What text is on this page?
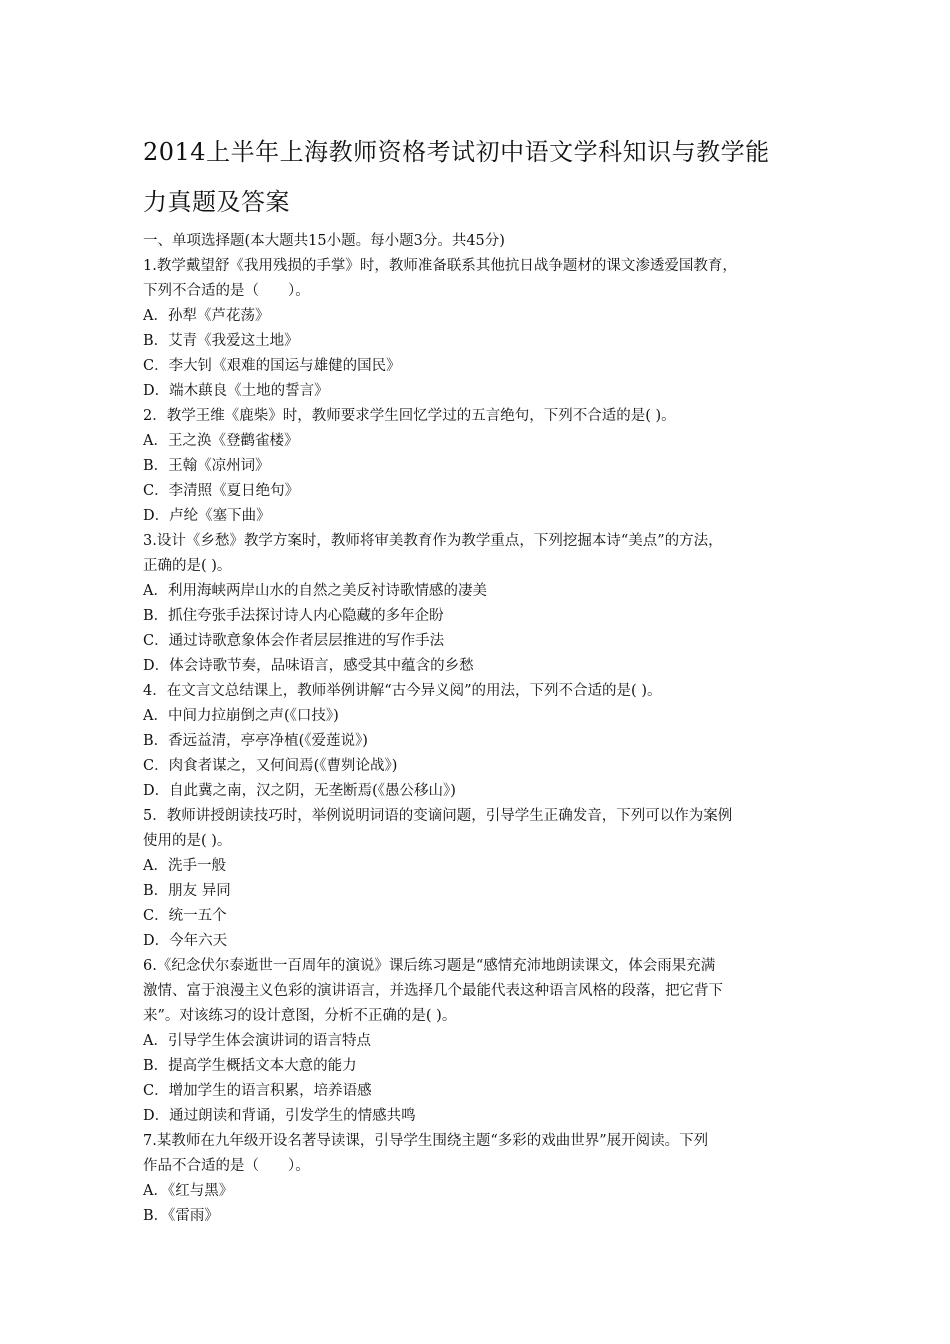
2014上半年上海教师资格考试初中语文学科知识与教学能
力真题及答案
一、单项选择题(本大题共15小题。每小题3分。共45分)
1.教学戴望舒《我用残损的手掌》时，教师准备联系其他抗日战争题材的课文渗透爱国教育，
下列不合适的是（　　）。
A．孙犁《芦花荡》
B．艾青《我爱这土地》
C．李大钊《艰难的国运与雄健的国民》
D．端木蕻良《土地的誓言》
2．教学王维《鹿柴》时，教师要求学生回忆学过的五言绝句，下列不合适的是( )。
A．王之涣《登鹳雀楼》
B．王翰《凉州词》
C．李清照《夏日绝句》
D．卢纶《塞下曲》
3.设计《乡愁》教学方案时，教师将审美教育作为教学重点，下列挖掘本诗“美点”的方法，
正确的是( )。
A．利用海峡两岸山水的自然之美反衬诗歌情感的凄美
B．抓住夸张手法探讨诗人内心隐藏的多年企盼
C．通过诗歌意象体会作者层层推进的写作手法
D．体会诗歌节奏，品味语言，感受其中蕴含的乡愁
4．在文言文总结课上，教师举例讲解“古今异义阅”的用法，下列不合适的是( )。
A．中间力拉崩倒之声(《口技》)
B．香远益清，亭亭净植(《爱莲说》)
C．肉食者谋之，又何间焉(《曹刿论战》)
D．自此冀之南，汉之阴，无垄断焉(《愚公移山》)
5．教师讲授朗读技巧时，举例说明词语的变谪问题，引导学生正确发音，下列可以作为案例
使用的是( )。
A．洗手一般
B．朋友 异同
C．统一五个
D．今年六天
6.《纪念伏尔泰逝世一百周年的演说》课后练习题是“感情充沛地朗读课文，体会雨果充满
激情、富于浪漫主义色彩的演讲语言，并选择几个最能代表这种语言风格的段落，把它背下
来”。对该练习的设计意图，分析不正确的是( )。
A．引导学生体会演讲词的语言特点
B．提高学生概括文本大意的能力
C．增加学生的语言积累，培养语感
D．通过朗读和背诵，引发学生的情感共鸣
7.某教师在九年级开设名著导读课，引导学生围绕主题“多彩的戏曲世界”展开阅读。下列
作品不合适的是（　　）。
A．《红与黑》
B．《雷雨》
